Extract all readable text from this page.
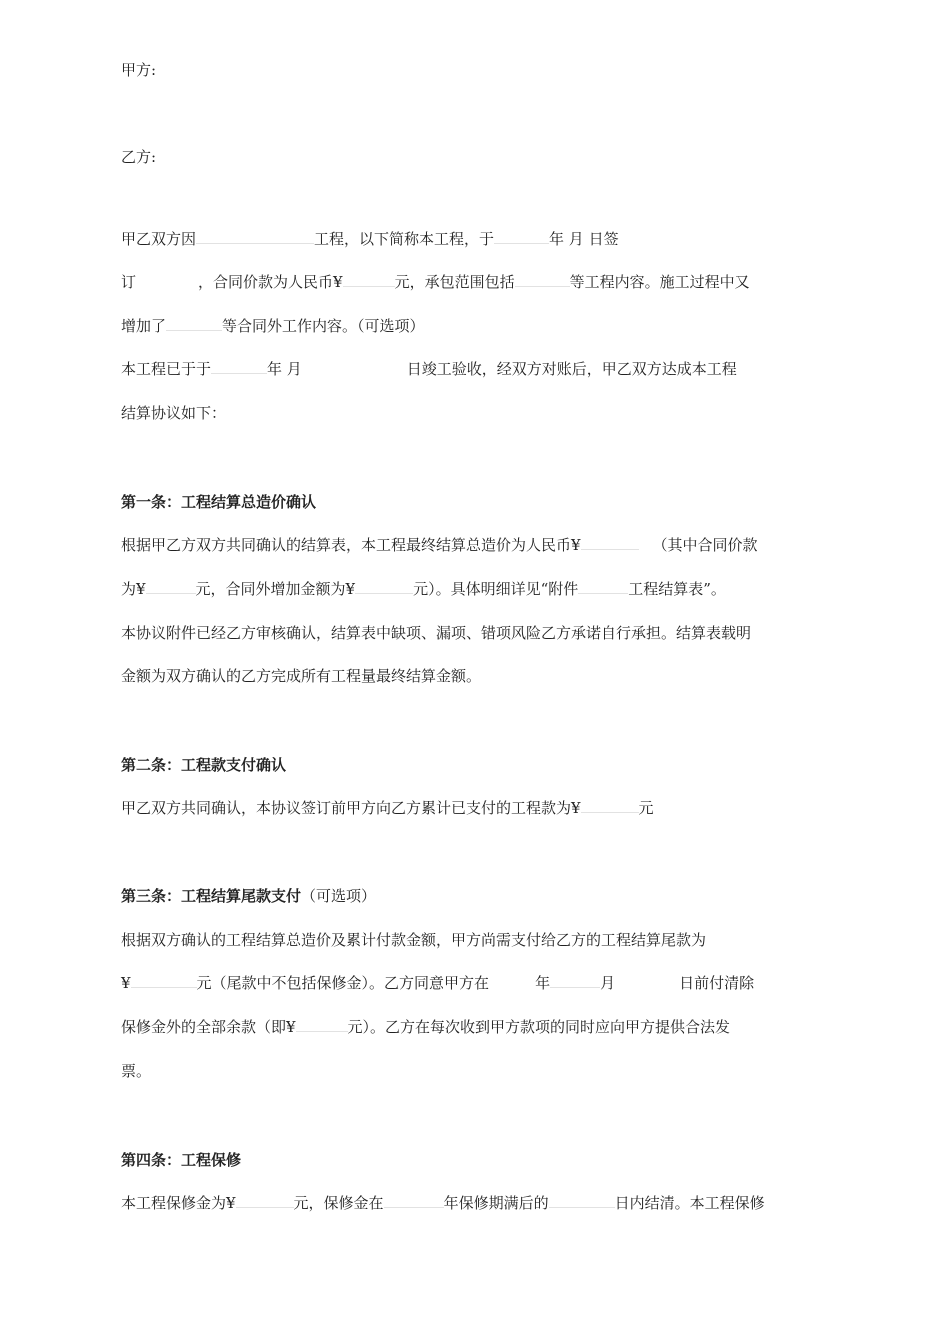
甲方:
乙方:
甲乙双方因	工程，以下简称本工程，于	年 月 日签
订	，合同价款为人民币¥	元，承包范围包括	等工程内容。施工过程中又
增加了	等合同外工作内容。（可选项）
本工程已于于	年 月	日竣工验收，经双方对账后，甲乙双方达成本工程
结算协议如下：
第一条：工程结算总造价确认
根据甲乙方双方共同确认的结算表，本工程最终结算总造价为人民币¥	（其中合同价款
为¥	元，合同外增加金额为¥	元）。具体明细详见“附件	工程结算表”。
本协议附件已经乙方审核确认，结算表中缺项、漏项、错项风险乙方承诺自行承担。结算表载明
金额为双方确认的乙方完成所有工程量最终结算金额。
第二条：工程款支付确认
甲乙双方共同确认，本协议签订前甲方向乙方累计已支付的工程款为¥	元
第三条：工程结算尾款支付（可选项）
根据双方确认的工程结算总造价及累计付款金额，甲方尚需支付给乙方的工程结算尾款为
¥	元（尾款中不包括保修金）。乙方同意甲方在	年	月	日前付清除
保修金外的全部余款（即¥	元）。乙方在每次收到甲方款项的同时应向甲方提供合法发
票。
第四条：工程保修
本工程保修金为¥	元，保修金在	年保修期满后的	日内结清。本工程保修
